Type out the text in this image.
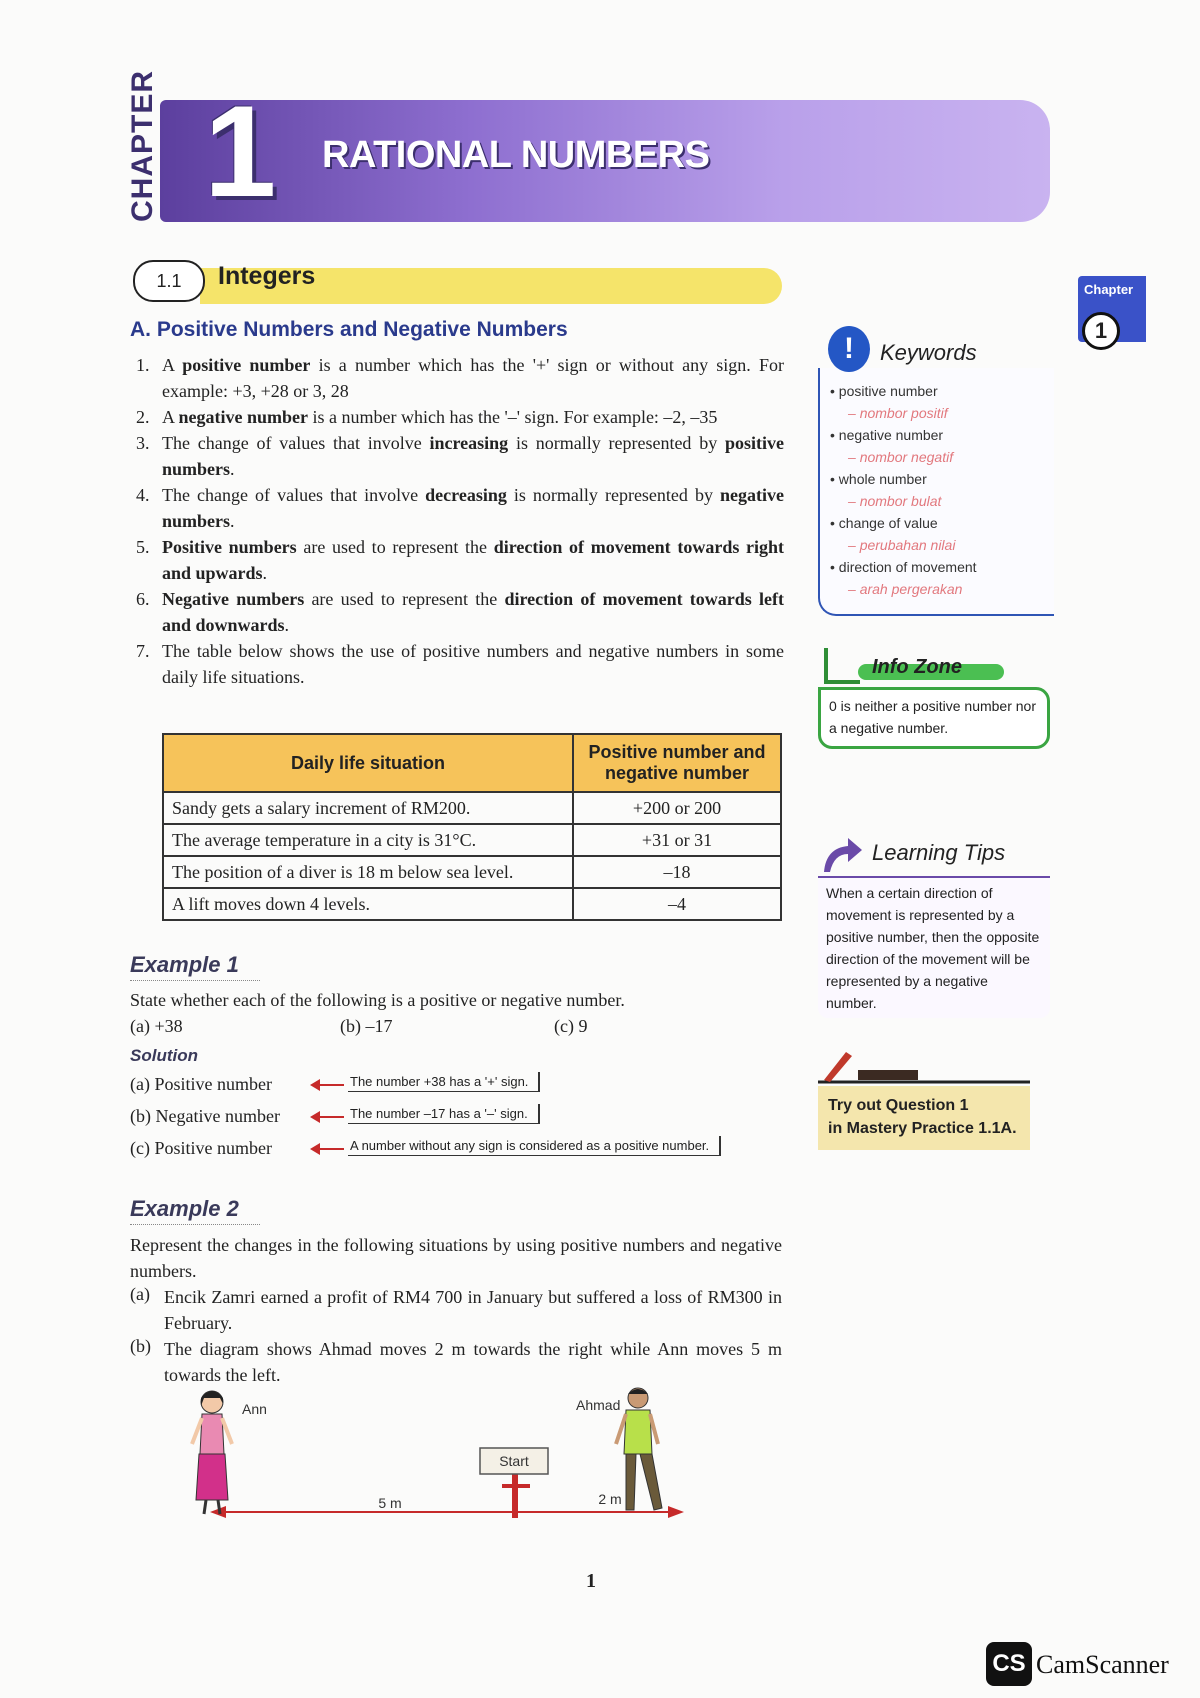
CHAPTER 1 RATIONAL NUMBERS
1.1	Integers
A. Positive Numbers and Negative Numbers
1. A positive number is a number which has the '+' sign or without any sign. For example: +3, +28 or 3, 28
2. A negative number is a number which has the '–' sign. For example: –2, –35
3. The change of values that involve increasing is normally represented by positive numbers.
4. The change of values that involve decreasing is normally represented by negative numbers.
5. Positive numbers are used to represent the direction of movement towards right and upwards.
6. Negative numbers are used to represent the direction of movement towards left and downwards.
7. The table below shows the use of positive numbers and negative numbers in some daily life situations.
Daily life situation	Positive number and negative number
Sandy gets a salary increment of RM200.	+200 or 200
The average temperature in a city is 31°C.	+31 or 31
The position of a diver is 18 m below sea level.	–18
A lift moves down 4 levels.	–4
Example 1
State whether each of the following is a positive or negative number.
(a) +38	(b) –17	(c) 9
Solution
(a) Positive number	The number +38 has a '+' sign.
(b) Negative number	The number –17 has a '–' sign.
(c) Positive number	A number without any sign is considered as a positive number.
Example 2
Represent the changes in the following situations by using positive numbers and negative numbers.
(a) Encik Zamri earned a profit of RM4 700 in January but suffered a loss of RM300 in February.
(b) The diagram shows Ahmad moves 2 m towards the right while Ann moves 5 m towards the left.
Start
5 m	2 m
Ann	Ahmad
!	Keywords
• positive number
– nombor positif
• negative number
– nombor negatif
• whole number
– nombor bulat
• change of value
– perubahan nilai
• direction of movement
– arah pergerakan
Info Zone
0 is neither a positive number nor a negative number.
Learning Tips
When a certain direction of movement is represented by a positive number, then the opposite direction of the movement will be represented by a negative number.
Try out Question 1
in Mastery Practice 1.1A.
Chapter
1
1
CS CamScanner
